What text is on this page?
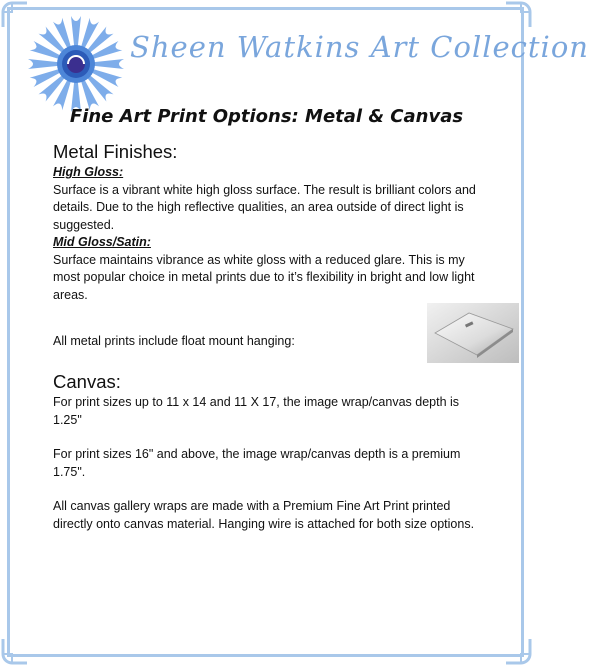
Sheen Watkins Art Collection
Fine Art Print Options: Metal & Canvas
Metal Finishes:

High Gloss:

Surface is a vibrant white high gloss surface. The result is brilliant colors and details. Due to the high reflective qualities, an area outside of direct light is suggested.

Mid Gloss/Satin:

Surface maintains vibrance as white gloss with a reduced glare. This is my most popular choice in metal prints due to it’s flexibility in bright and low light areas.

All metal prints include float mount hanging:

Canvas:

For print sizes up to 11 x 14 and 11 X 17, the image wrap/canvas depth is 1.25"

For print sizes 16" and above, the image wrap/canvas depth is a premium 1.75".

All canvas gallery wraps are made with a Premium Fine Art Print printed directly onto canvas material. Hanging wire is attached for both size options.
